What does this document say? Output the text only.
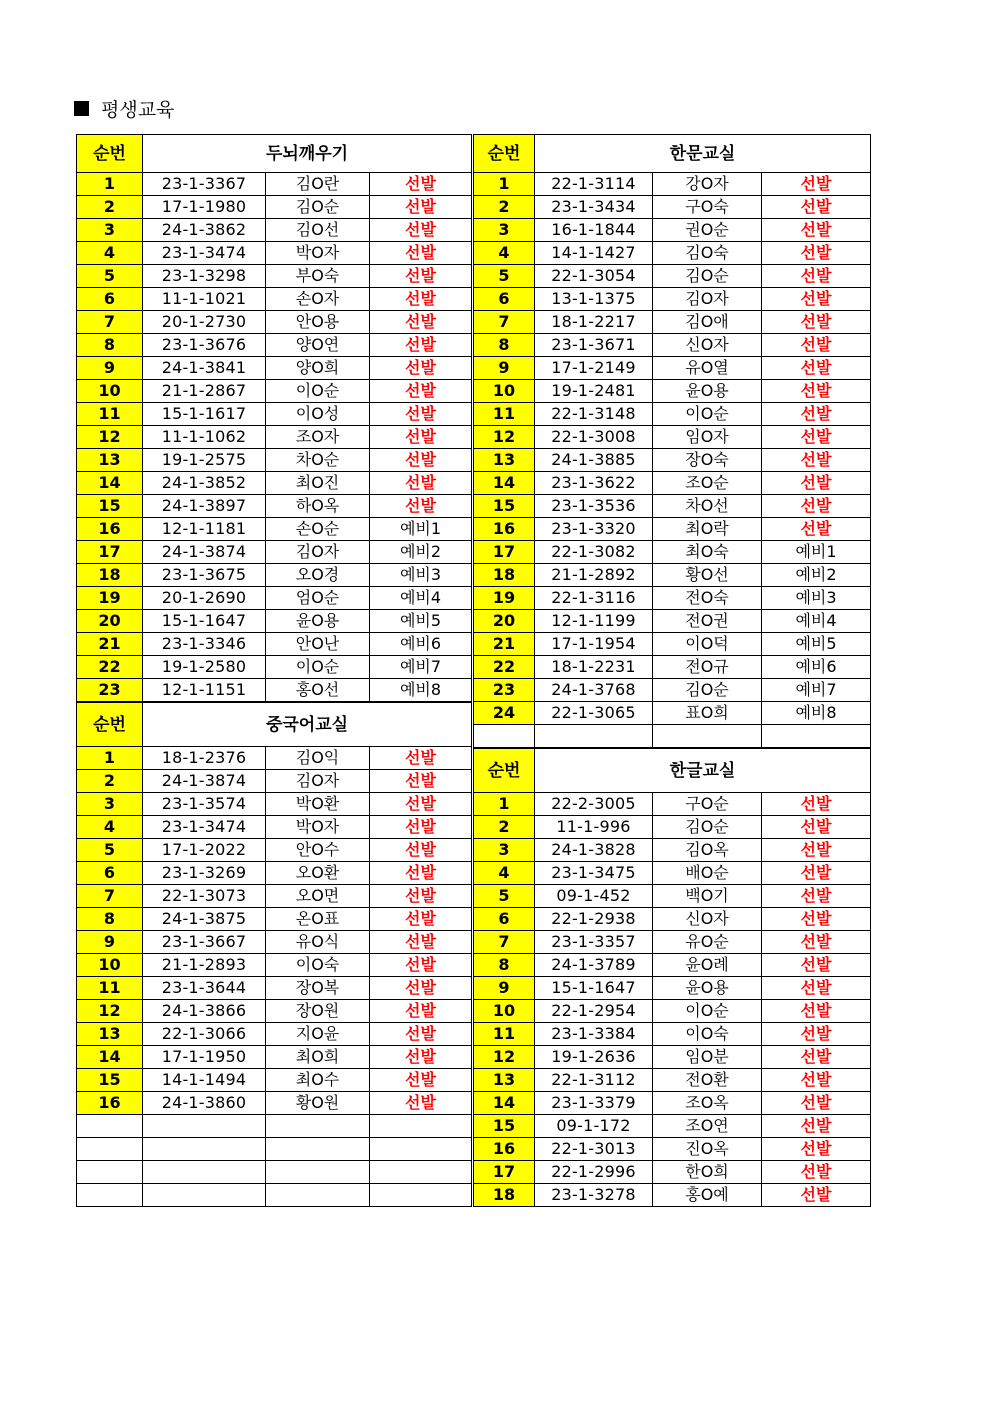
평생교육
순번	두뇌깨우기		
1	23-1-3367	김O란	선발
2	17-1-1980	김O순	선발
3	24-1-3862	김O선	선발
4	23-1-3474	박O자	선발
5	23-1-3298	부O숙	선발
6	11-1-1021	손O자	선발
7	20-1-2730	안O용	선발
8	23-1-3676	양O연	선발
9	24-1-3841	양O희	선발
10	21-1-2867	이O순	선발
11	15-1-1617	이O성	선발
12	11-1-1062	조O자	선발
13	19-1-2575	차O순	선발
14	24-1-3852	최O진	선발
15	24-1-3897	하O옥	선발
16	12-1-1181	손O순	예비1
17	24-1-3874	김O자	예비2
18	23-1-3675	오O경	예비3
19	20-1-2690	엄O순	예비4
20	15-1-1647	윤O용	예비5
21	23-1-3346	안O난	예비6
22	19-1-2580	이O순	예비7
23	12-1-1151	홍O선	예비8
순번	한문교실		
1	22-1-3114	강O자	선발
2	23-1-3434	구O숙	선발
3	16-1-1844	권O순	선발
4	14-1-1427	김O숙	선발
5	22-1-3054	김O순	선발
6	13-1-1375	김O자	선발
7	18-1-2217	김O애	선발
8	23-1-3671	신O자	선발
9	17-1-2149	유O열	선발
10	19-1-2481	윤O용	선발
11	22-1-3148	이O순	선발
12	22-1-3008	임O자	선발
13	24-1-3885	장O숙	선발
14	23-1-3622	조O순	선발
15	23-1-3536	차O선	선발
16	23-1-3320	최O락	선발
17	22-1-3082	최O숙	예비1
18	21-1-2892	황O선	예비2
19	22-1-3116	전O숙	예비3
20	12-1-1199	전O권	예비4
21	17-1-1954	이O덕	예비5
22	18-1-2231	전O규	예비6
23	24-1-3768	김O순	예비7
24	22-1-3065	표O희	예비8

순번	중국어교실		
1	18-1-2376	김O익	선발
2	24-1-3874	김O자	선발
3	23-1-3574	박O환	선발
4	23-1-3474	박O자	선발
5	17-1-2022	안O수	선발
6	23-1-3269	오O환	선발
7	22-1-3073	오O면	선발
8	24-1-3875	온O표	선발
9	23-1-3667	유O식	선발
10	21-1-2893	이O숙	선발
11	23-1-3644	장O복	선발
12	24-1-3866	장O원	선발
13	22-1-3066	지O윤	선발
14	17-1-1950	최O희	선발
15	14-1-1494	최O수	선발
16	24-1-3860	황O원	선발

순번	한글교실		
1	22-2-3005	구O순	선발
2	11-1-996	김O순	선발
3	24-1-3828	김O옥	선발
4	23-1-3475	배O순	선발
5	09-1-452	백O기	선발
6	22-1-2938	신O자	선발
7	23-1-3357	유O순	선발
8	24-1-3789	윤O례	선발
9	15-1-1647	윤O용	선발
10	22-1-2954	이O순	선발
11	23-1-3384	이O숙	선발
12	19-1-2636	임O분	선발
13	22-1-3112	전O환	선발
14	23-1-3379	조O옥	선발
15	09-1-172	조O연	선발
16	22-1-3013	진O옥	선발
17	22-1-2996	한O희	선발
18	23-1-3278	홍O예	선발
